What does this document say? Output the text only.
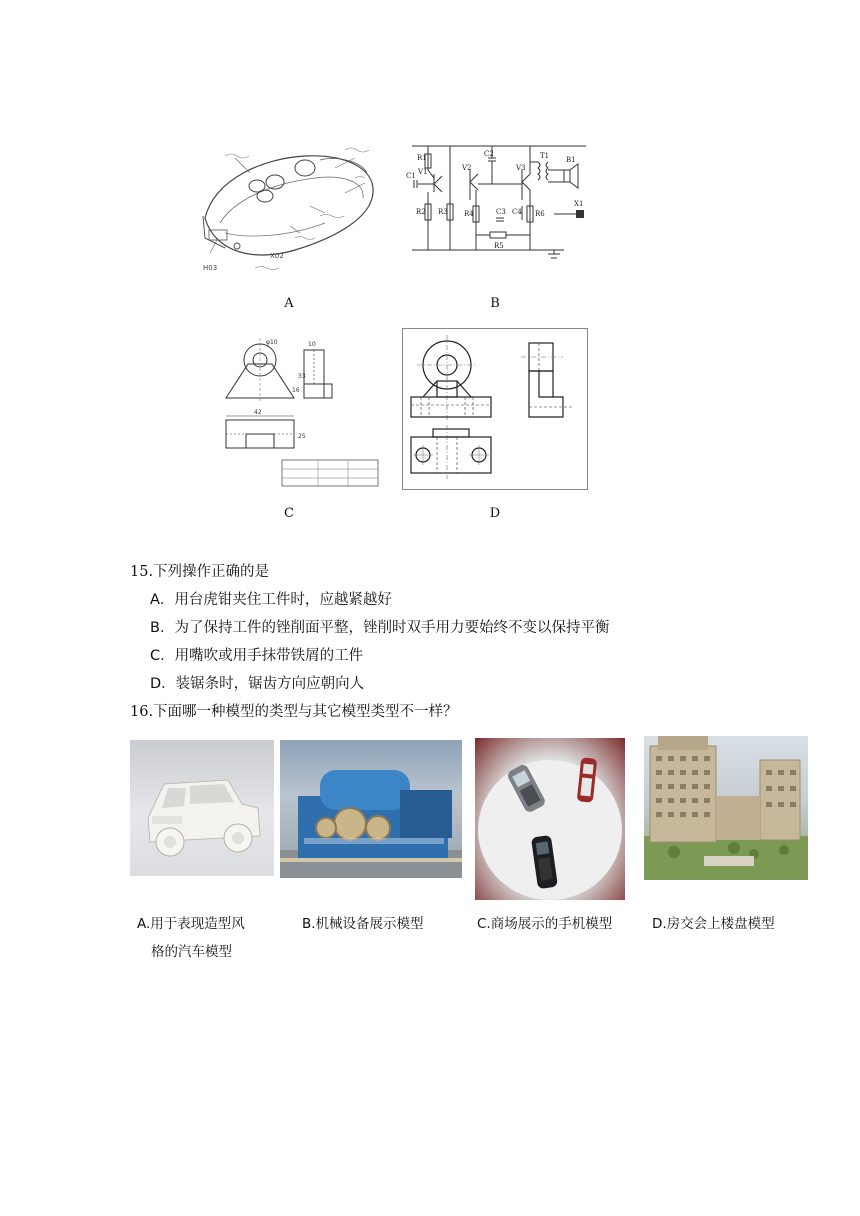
H03
X02
A
R1
V1	V2
C1
R2 R3 R4
C2
R5
C3
V3
T1 B1
C4 R6
X1
B
φ10	10
33
16
42
25
C	D
15.下列操作正确的是
A．用台虎钳夹住工件时，应越紧越好
B．为了保持工件的锉削面平整，锉削时双手用力要始终不变以保持平衡
C．用嘴吹或用手抹带铁屑的工件
D．装锯条时，锯齿方向应朝向人
16.下面哪一种模型的类型与其它模型类型不一样？
A.用于表现造型风
格的汽车模型
B.机械设备展示模型	C.商场展示的手机模型	D.房交会上楼盘模型
